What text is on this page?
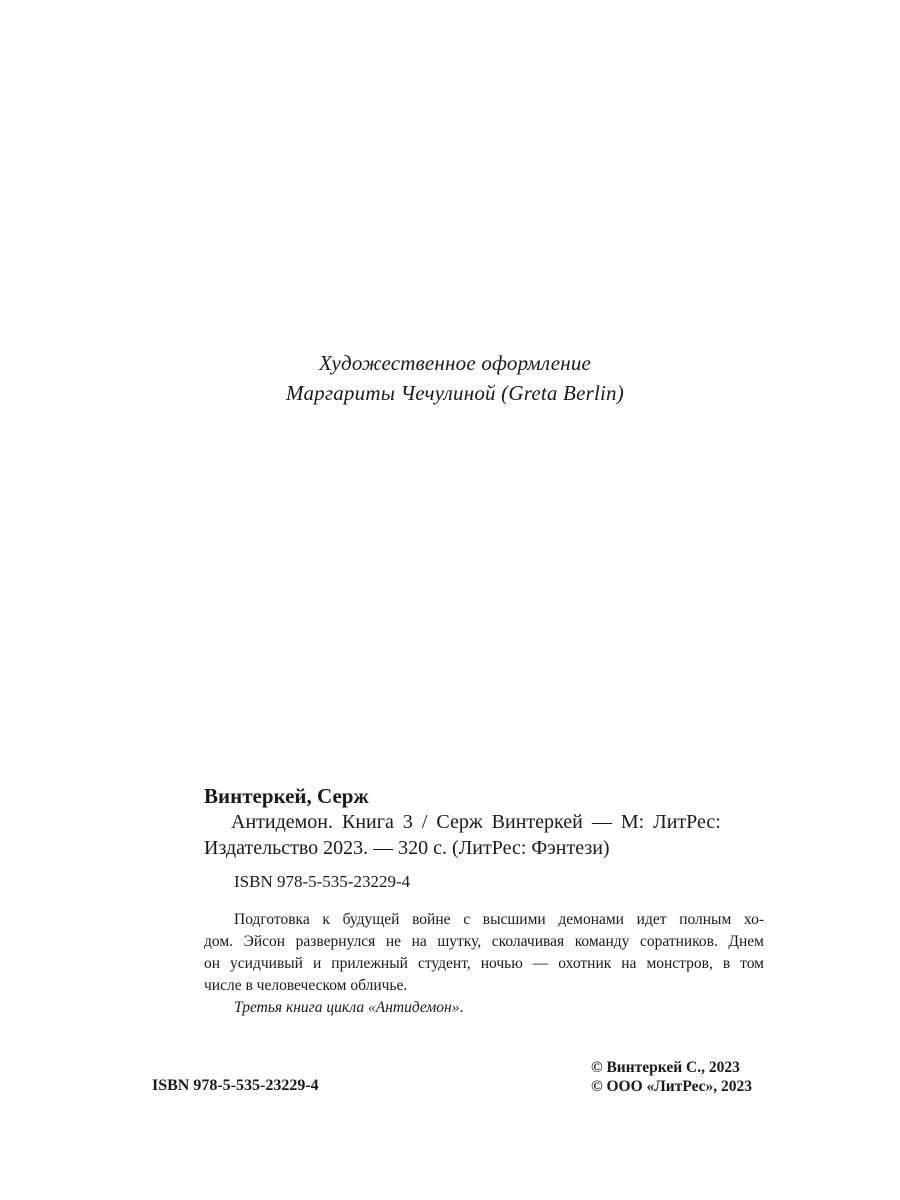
Художественное оформление
Маргариты Чечулиной (Greta Berlin)
Винтеркей, Серж
Антидемон. Книга 3 / Серж Винтеркей — М: ЛитРес:
Издательство 2023. — 320 с. (ЛитРес: Фэнтези)
ISBN 978-5-535-23229-4
Подготовка к будущей войне с высшими демонами идет полным хо-
дом. Эйсон развернулся не на шутку, сколачивая команду соратников. Днем
он усидчивый и прилежный студент, ночью — охотник на монстров, в том
числе в человеческом обличье.
Третья книга цикла «Антидемон».
ISBN 978-5-535-23229-4
© Винтеркей С., 2023
© ООО «ЛитРес», 2023
